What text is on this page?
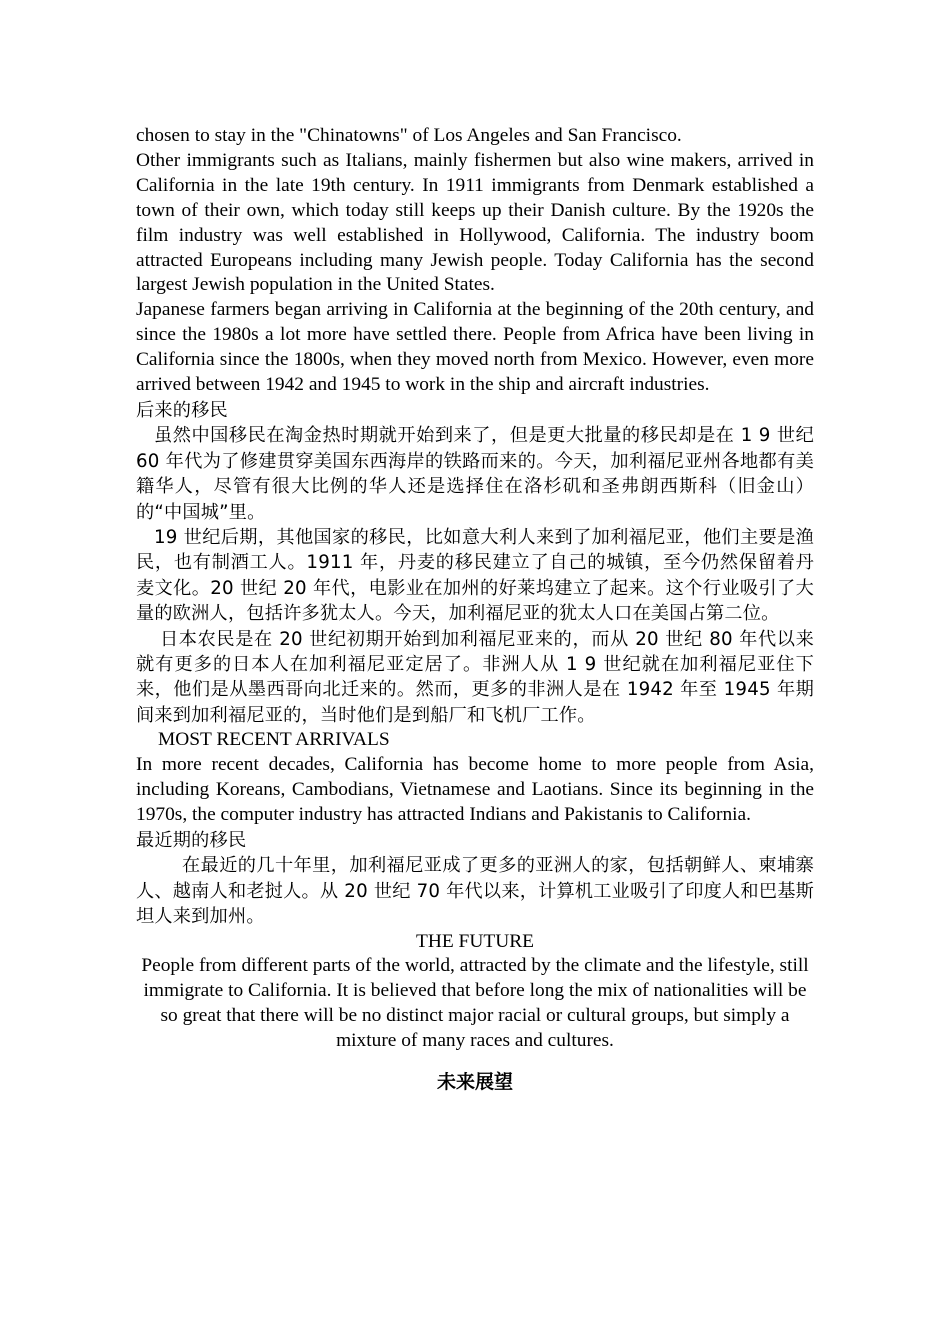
chosen to stay in the "Chinatowns" of Los Angeles and San Francisco.

Other immigrants such as Italians, mainly fishermen but also wine makers, arrived in California in the late 19th century. In 1911 immigrants from Denmark established a town of their own, which today still keeps up their Danish culture. By the 1920s the film industry was well established in Hollywood, California. The industry boom attracted Europeans including many Jewish people. Today California has the second largest Jewish population in the United States.

Japanese farmers began arriving in California at the beginning of the 20th century, and since the 1980s a lot more have settled there. People from Africa have been living in California since the 1800s, when they moved north from Mexico. However, even more arrived between 1942 and 1945 to work in the ship and aircraft industries.

后来的移民

虽然中国移民在淘金热时期就开始到来了，但是更大批量的移民却是在 1 9 世纪 60 年代为了修建贯穿美国东西海岸的铁路而来的。今天，加利福尼亚州各地都有美籍华人，尽管有很大比例的华人还是选择住在洛杉矶和圣弗朗西斯科（旧金山）的“中国城”里。

19 世纪后期，其他国家的移民，比如意大利人来到了加利福尼亚，他们主要是渔民，也有制酒工人。1911 年，丹麦的移民建立了自己的城镇，至今仍然保留着丹麦文化。20 世纪 20 年代，电影业在加州的好莱坞建立了起来。这个行业吸引了大量的欧洲人，包括许多犹太人。今天，加利福尼亚的犹太人口在美国占第二位。

日本农民是在 20 世纪初期开始到加利福尼亚来的，而从 20 世纪 80 年代以来就有更多的日本人在加利福尼亚定居了。非洲人从 1 9 世纪就在加利福尼亚住下来，他们是从墨西哥向北迁来的。然而，更多的非洲人是在 1942 年至 1945 年期间来到加利福尼亚的，当时他们是到船厂和飞机厂工作。

MOST RECENT ARRIVALS

In more recent decades, California has become home to more people from Asia, including Koreans, Cambodians, Vietnamese and Laotians. Since its beginning in the 1970s, the computer industry has attracted Indians and Pakistanis to California.

最近期的移民

在最近的几十年里，加利福尼亚成了更多的亚洲人的家，包括朝鲜人、柬埔寨人、越南人和老挝人。从 20 世纪 70 年代以来，计算机工业吸引了印度人和巴基斯坦人来到加州。

THE FUTURE

People from different parts of the world, attracted by the climate and the lifestyle, still immigrate to California. It is believed that before long the mix of nationalities will be so great that there will be no distinct major racial or cultural groups, but simply a mixture of many races and cultures.

未来展望
